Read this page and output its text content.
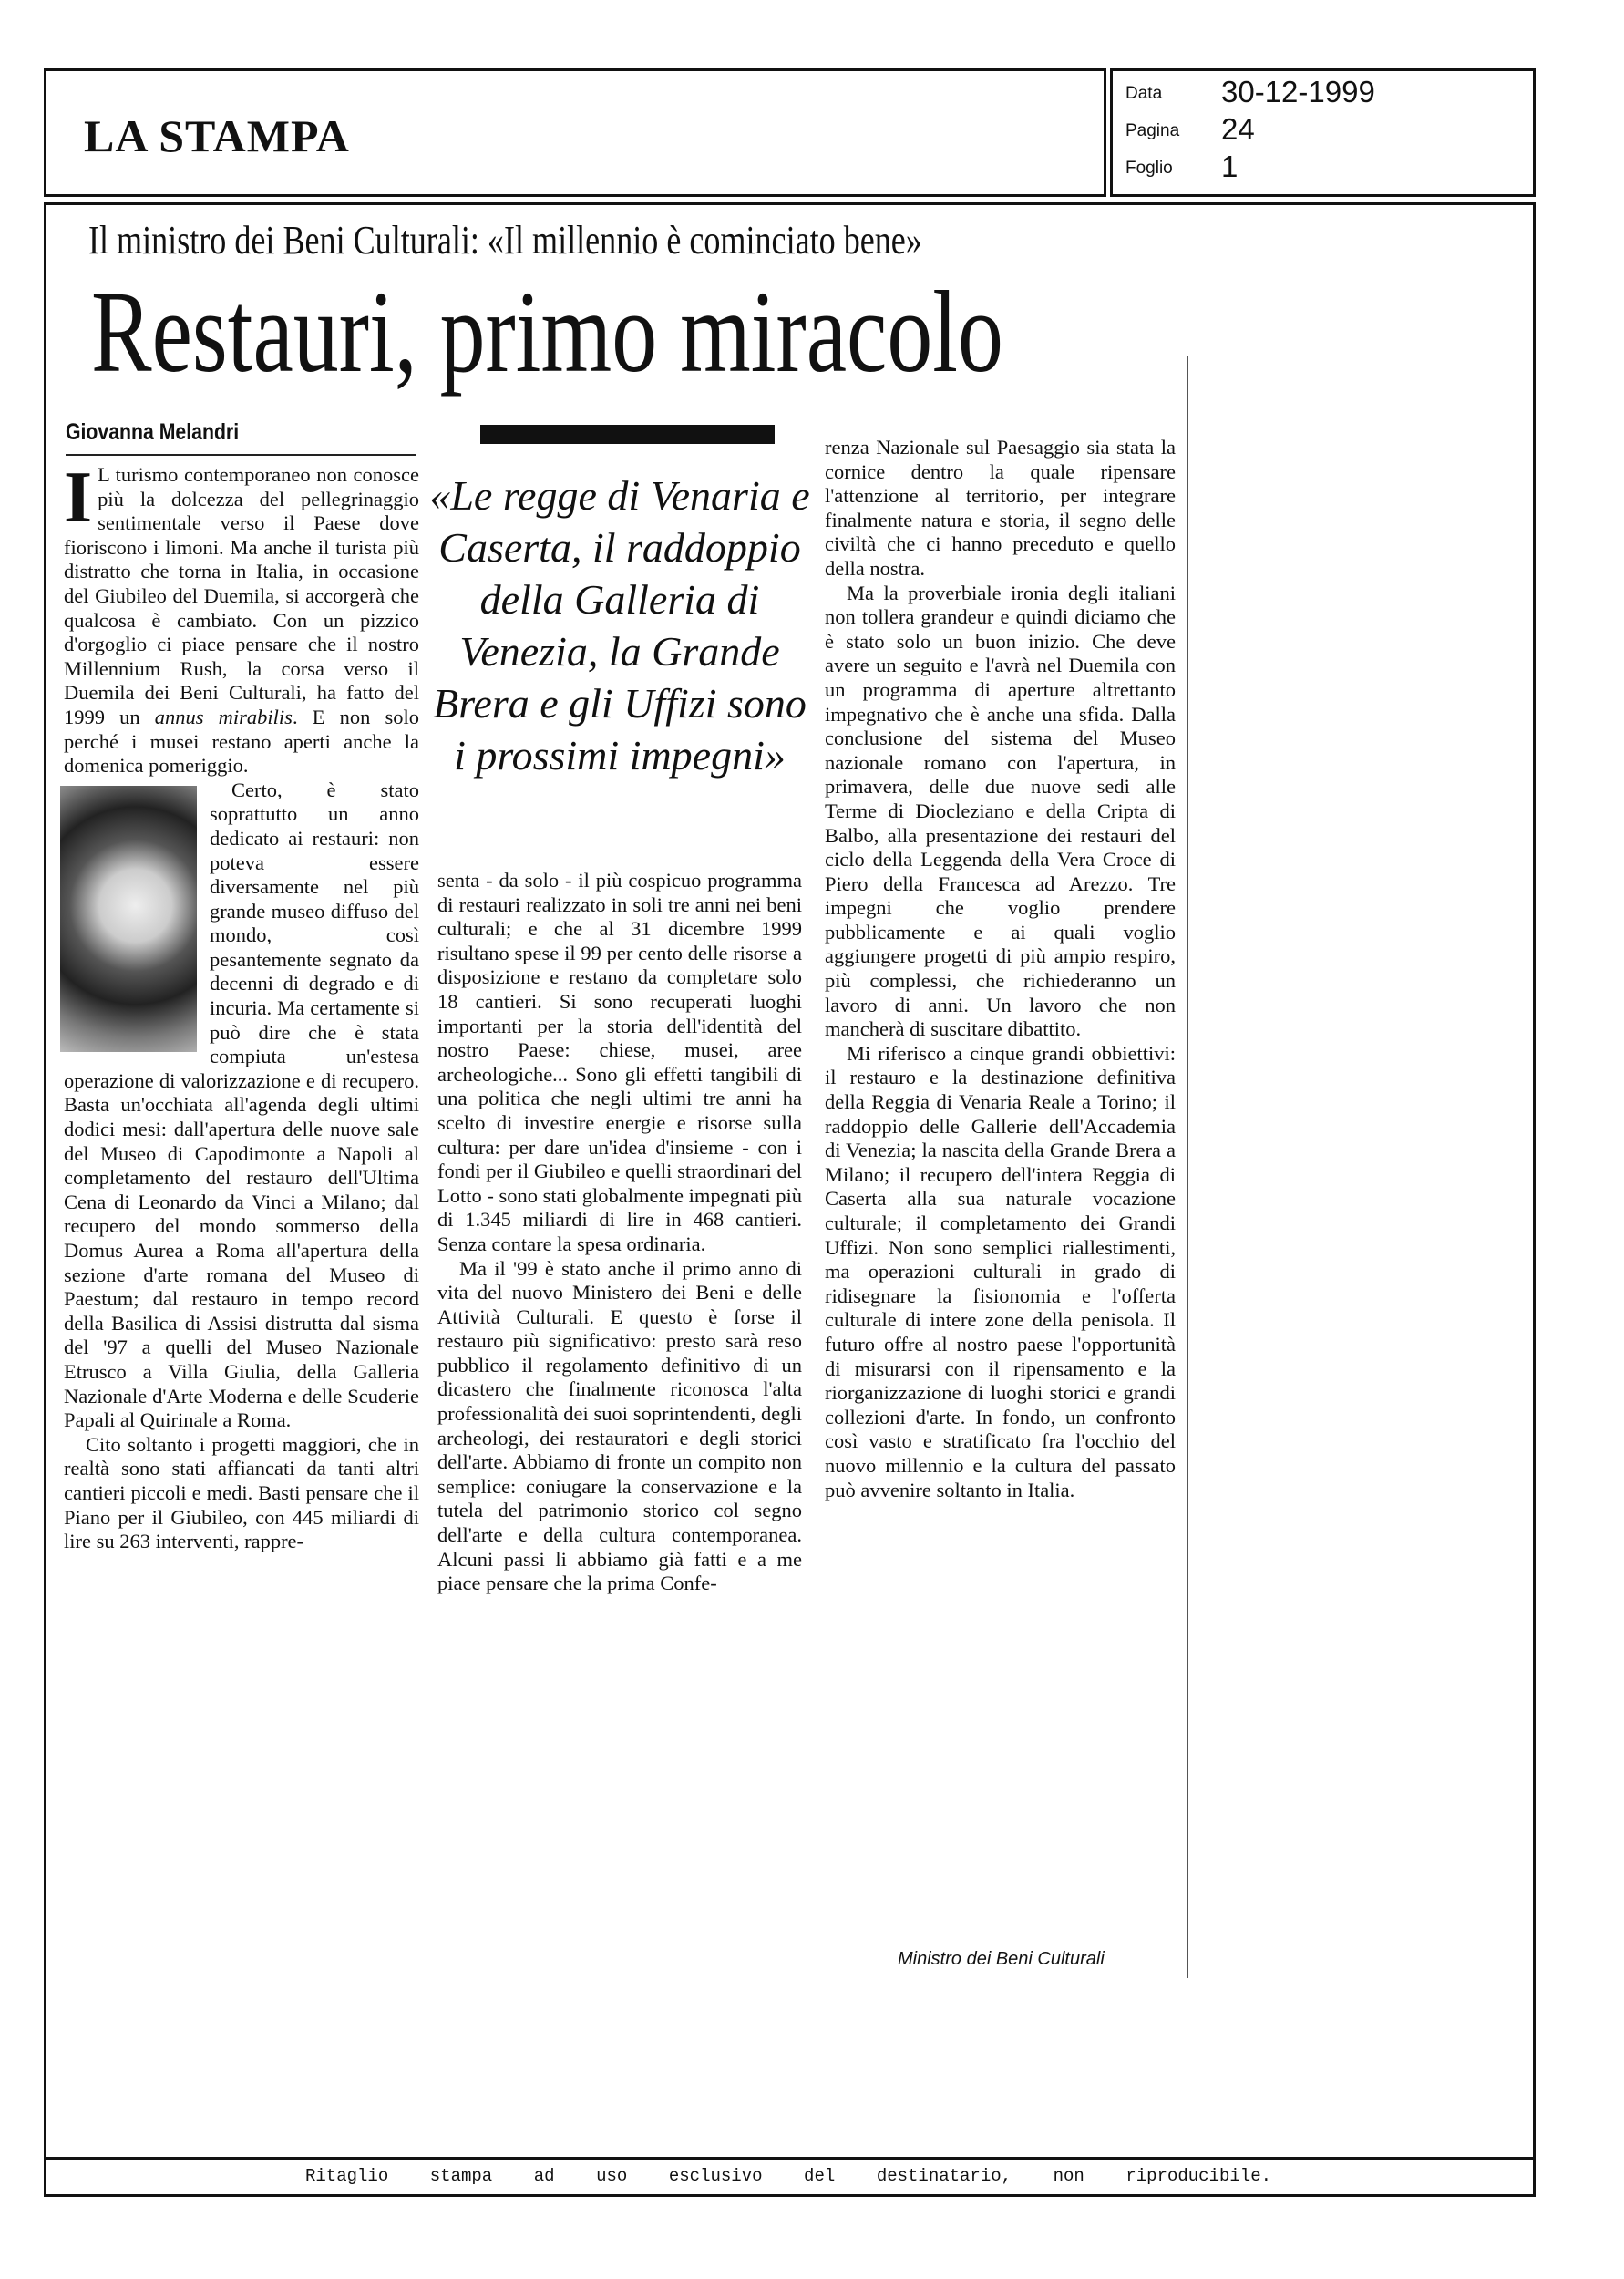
LA STAMPA
Data	30-12-1999
Pagina	24
Foglio	1
Il ministro dei Beni Culturali: «Il millennio è cominciato bene»
Restauri, primo miracolo
Giovanna Melandri

I L turismo contemporaneo non conosce più la dolcezza del pellegrinaggio sentimentale verso il Paese dove fioriscono i limoni. Ma anche il turista più distratto che torna in Italia, in occasione del Giubileo del Duemila, si accorgerà che qualcosa è cambiato. Con un pizzico d'orgoglio ci piace pensare che il nostro Millennium Rush, la corsa verso il Duemila dei Beni Culturali, ha fatto del 1999 un annus mirabilis. E non solo perché i musei restano aperti anche la domenica pomeriggio.

Certo, è stato soprattutto un anno dedicato ai restauri: non poteva essere diversamente nel più grande museo diffuso del mondo, così pesantemente segnato da decenni di degrado e di incuria. Ma certamente si può dire che è stata compiuta un'estesa operazione di valorizzazione e di recupero. Basta un'occhiata all'agenda degli ultimi dodici mesi: dall'apertura delle nuove sale del Museo di Capodimonte a Napoli al completamento del restauro dell'Ultima Cena di Leonardo da Vinci a Milano; dal recupero del mondo sommerso della Domus Aurea a Roma all'apertura della sezione d'arte romana del Museo di Paestum; dal restauro in tempo record della Basilica di Assisi distrutta dal sisma del '97 a quelli del Museo Nazionale Etrusco a Villa Giulia, della Galleria Nazionale d'Arte Moderna e delle Scuderie Papali al Quirinale a Roma.

Cito soltanto i progetti maggiori, che in realtà sono stati affiancati da tanti altri cantieri piccoli e medi. Basti pensare che il Piano per il Giubileo, con 445 miliardi di lire su 263 interventi, rappre-

«Le regge di Venaria e Caserta, il raddoppio della Galleria di Venezia, la Grande Brera e gli Uffizi sono i prossimi impegni»

senta - da solo - il più cospicuo programma di restauri realizzato in soli tre anni nei beni culturali; e che al 31 dicembre 1999 risultano spese il 99 per cento delle risorse a disposizione e restano da completare solo 18 cantieri. Si sono recuperati luoghi importanti per la storia dell'identità del nostro Paese: chiese, musei, aree archeologiche... Sono gli effetti tangibili di una politica che negli ultimi tre anni ha scelto di investire energie e risorse sulla cultura: per dare un'idea d'insieme - con i fondi per il Giubileo e quelli straordinari del Lotto - sono stati globalmente impegnati più di 1.345 miliardi di lire in 468 cantieri. Senza contare la spesa ordinaria.

Ma il '99 è stato anche il primo anno di vita del nuovo Ministero dei Beni e delle Attività Culturali. E questo è forse il restauro più significativo: presto sarà reso pubblico il regolamento definitivo di un dicastero che finalmente riconosca l'alta professionalità dei suoi soprintendenti, degli archeologi, dei restauratori e degli storici dell'arte. Abbiamo di fronte un compito non semplice: coniugare la conservazione e la tutela del patrimonio storico col segno dell'arte e della cultura contemporanea. Alcuni passi li abbiamo già fatti e a me piace pensare che la prima Confe-

renza Nazionale sul Paesaggio sia stata la cornice dentro la quale ripensare l'attenzione al territorio, per integrare finalmente natura e storia, il segno delle civiltà che ci hanno preceduto e quello della nostra.

Ma la proverbiale ironia degli italiani non tollera grandeur e quindi diciamo che è stato solo un buon inizio. Che deve avere un seguito e l'avrà nel Duemila con un programma di aperture altrettanto impegnativo che è anche una sfida. Dalla conclusione del sistema del Museo nazionale romano con l'apertura, in primavera, delle due nuove sedi alle Terme di Diocleziano e della Cripta di Balbo, alla presentazione dei restauri del ciclo della Leggenda della Vera Croce di Piero della Francesca ad Arezzo. Tre impegni che voglio prendere pubblicamente e ai quali voglio aggiungere progetti di più ampio respiro, più complessi, che richiederanno un lavoro di anni. Un lavoro che non mancherà di suscitare dibattito.

Mi riferisco a cinque grandi obbiettivi: il restauro e la destinazione definitiva della Reggia di Venaria Reale a Torino; il raddoppio delle Gallerie dell'Accademia di Venezia; la nascita della Grande Brera a Milano; il recupero dell'intera Reggia di Caserta alla sua naturale vocazione culturale; il completamento dei Grandi Uffizi. Non sono semplici riallestimenti, ma operazioni culturali in grado di ridisegnare la fisionomia e l'offerta culturale di intere zone della penisola. Il futuro offre al nostro paese l'opportunità di misurarsi con il ripensamento e la riorganizzazione di luoghi storici e grandi collezioni d'arte. In fondo, un confronto così vasto e stratificato fra l'occhio del nuovo millennio e la cultura del passato può avvenire soltanto in Italia.

Ministro dei Beni Culturali
Ritaglio stampa ad uso esclusivo del destinatario, non riproducibile.
